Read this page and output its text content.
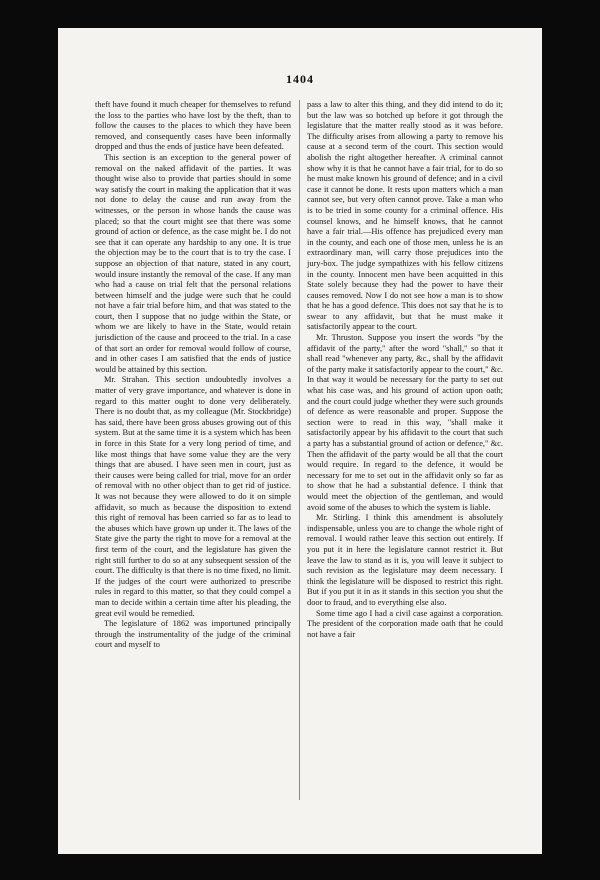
1404

theft have found it much cheaper for themselves to refund the loss to the parties who have lost by the theft, than to follow the causes to the places to which they have been removed, and consequently cases have been informally dropped and thus the ends of justice have been defeated.

This section is an exception to the general power of removal on the naked affidavit of the parties. It was thought wise also to provide that parties should in some way satisfy the court in making the application that it was not done to delay the cause and run away from the witnesses, or the person in whose hands the cause was placed; so that the court might see that there was some ground of action or defence, as the case might be. I do not see that it can operate any hardship to any one. It is true the objection may be to the court that is to try the case. I suppose an objection of that nature, stated in any court, would insure instantly the removal of the case. If any man who had a cause on trial felt that the personal relations between himself and the judge were such that he could not have a fair trial before him, and that was stated to the court, then I suppose that no judge within the State, or whom we are likely to have in the State, would retain jurisdiction of the cause and proceed to the trial. In a case of that sort an order for removal would follow of course, and in other cases I am satisfied that the ends of justice would be attained by this section.

Mr. Strahan. This section undoubtedly involves a matter of very grave importance, and whatever is done in regard to this matter ought to done very deliberately. There is no doubt that, as my colleague (Mr. Stockbridge) has said, there have been gross abuses growing out of this system. But at the same time it is a system which has been in force in this State for a very long period of time, and like most things that have some value they are the very things that are abused. I have seen men in court, just as their causes were being called for trial, move for an order of removal with no other object than to get rid of justice. It was not because they were allowed to do it on simple affidavit, so much as because the disposition to extend this right of removal has been carried so far as to lead to the abuses which have grown up under it. The laws of the State give the party the right to move for a removal at the first term of the court, and the legislature has given the right still further to do so at any subsequent session of the court. The difficulty is that there is no time fixed, no limit. If the judges of the court were authorized to prescribe rules in regard to this matter, so that they could compel a man to decide within a certain time after his pleading, the great evil would be remedied.

The legislature of 1862 was importuned principally through the instrumentality of the judge of the criminal court and myself to

pass a law to alter this thing, and they did intend to do it; but the law was so botched up before it got through the legislature that the matter really stood as it was before. The difficulty arises from allowing a party to remove his cause at a second term of the court. This section would abolish the right altogether hereafter. A criminal cannot show why it is that he cannot have a fair trial, for to do so he must make known his ground of defence; and in a civil case it cannot be done. It rests upon matters which a man cannot see, but very often cannot prove. Take a man who is to be tried in some county for a criminal offence. His counsel knows, and he himself knows, that he cannot have a fair trial.—His offence has prejudiced every man in the county, and each one of those men, unless he is an extraordinary man, will carry those prejudices into the jury-box. The judge sympathizes with his fellow citizens in the county. Innocent men have been acquitted in this State solely because they had the power to have their causes removed. Now I do not see how a man is to show that he has a good defence. This does not say that he is to swear to any affidavit, but that he must make it satisfactorily appear to the court.

Mr. Thruston. Suppose you insert the words "by the affidavit of the party," after the word "shall," so that it shall read "whenever any party, &c., shall by the affidavit of the party make it satisfactorily appear to the court," &c. In that way it would be necessary for the party to set out what his case was, and his ground of action upon oath; and the court could judge whether they were such grounds of defence as were reasonable and proper. Suppose the section were to read in this way, "shall make it satisfactorily appear by his affidavit to the court that such a party has a substantial ground of action or defence," &c. Then the affidavit of the party would be all that the court would require. In regard to the defence, it would be necessary for me to set out in the affidavit only so far as to show that he had a substantial defence. I think that would meet the objection of the gentleman, and would avoid some of the abuses to which the system is liable.

Mr. Stirling. I think this amendment is absolutely indispensable, unless you are to change the whole right of removal. I would rather leave this section out entirely. If you put it in here the legislature cannot restrict it. But leave the law to stand as it is, you will leave it subject to such revision as the legislature may deem necessary. I think the legislature will be disposed to restrict this right. But if you put it in as it stands in this section you shut the door to fraud, and to everything else also.

Some time ago I had a civil case against a corporation. The president of the corporation made oath that he could not have a fair
